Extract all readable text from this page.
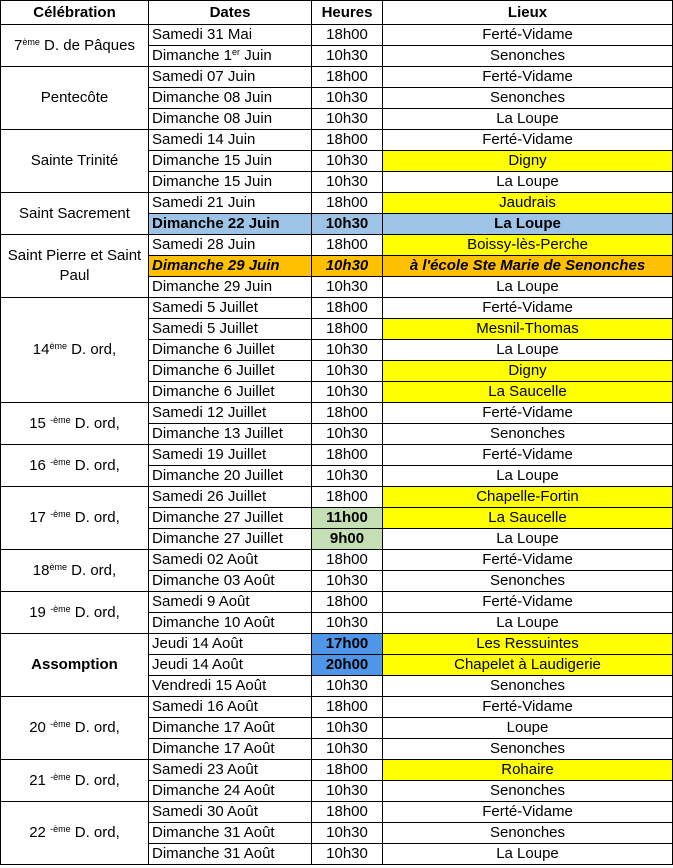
Célébration	Dates	Heures	Lieux
7ème D. de Pâques	Samedi 31 Mai	18h00	Ferté-Vidame
	Dimanche 1er Juin	10h30	Senonches
Pentecôte	Samedi 07 Juin	18h00	Ferté-Vidame
	Dimanche 08 Juin	10h30	Senonches
	Dimanche 08 Juin	10h30	La Loupe
Sainte Trinité	Samedi 14 Juin	18h00	Ferté-Vidame
	Dimanche 15 Juin	10h30	Digny
	Dimanche 15 Juin	10h30	La Loupe
Saint Sacrement	Samedi 21 Juin	18h00	Jaudrais
	Dimanche 22 Juin	10h30	La Loupe
Saint Pierre et Saint Paul	Samedi 28 Juin	18h00	Boissy-lès-Perche
	Dimanche 29 Juin	10h30	à l'école Ste Marie de Senonches
	Dimanche 29 Juin	10h30	La Loupe
14ème D. ord,	Samedi 5 Juillet	18h00	Ferté-Vidame
	Samedi 5 Juillet	18h00	Mesnil-Thomas
	Dimanche 6 Juillet	10h30	La Loupe
	Dimanche 6 Juillet	10h30	Digny
	Dimanche 6 Juillet	10h30	La Saucelle
15 $^{-ème}$ D. ord,	Samedi 12 Juillet	18h00	Ferté-Vidame
	Dimanche 13 Juillet	10h30	Senonches
16 $^{-ème}$ D. ord,	Samedi 19 Juillet	18h00	Ferté-Vidame
	Dimanche 20 Juillet	10h30	La Loupe
17 $^{-ème}$ D. ord,	Samedi 26 Juillet	18h00	Chapelle-Fortin
	Dimanche 27 Juillet	11h00	La Saucelle
	Dimanche 27 Juillet	9h00	La Loupe
18ème D. ord,	Samedi 02 Août	18h00	Ferté-Vidame
	Dimanche 03 Août	10h30	Senonches
19 $^{-ème}$ D. ord,	Samedi 9 Août	18h00	Ferté-Vidame
	Dimanche 10 Août	10h30	La Loupe
Assomption	Jeudi 14 Août	17h00	Les Ressuintes
	Jeudi 14 Août	20h00	Chapelet à Laudigerie
	Vendredi 15 Août	10h30	Senonches
20 $^{-ème}$ D. ord,	Samedi 16 Août	18h00	Ferté-Vidame
	Dimanche 17 Août	10h30	Loupe
	Dimanche 17 Août	10h30	Senonches
21 $^{-ème}$ D. ord,	Samedi 23 Août	18h00	Rohaire
	Dimanche 24 Août	10h30	Senonches
22 $^{-ème}$ D. ord,	Samedi 30 Août	18h00	Ferté-Vidame
	Dimanche 31 Août	10h30	Senonches
	Dimanche 31 Août	10h30	La Loupe
